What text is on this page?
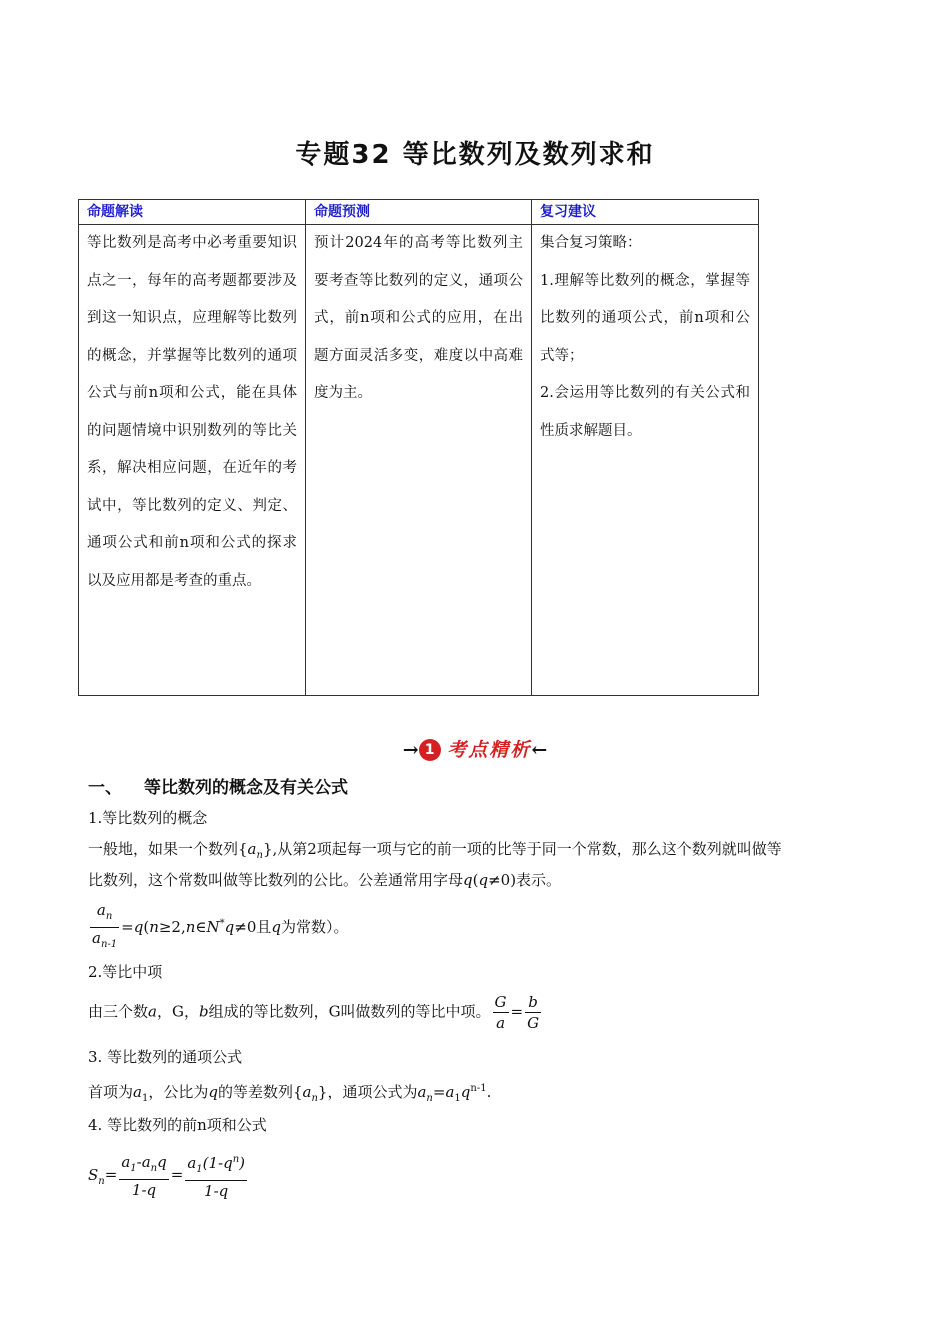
专题32 等比数列及数列求和
命题解读	命题预测	复习建议
等比数列是高考中必考重要知识点之一，每年的高考题都要涉及到这一知识点，应理解等比数列的概念，并掌握等比数列的通项公式与前n项和公式，能在具体的问题情境中识别数列的等比关系，解决相应问题，在近年的考试中，等比数列的定义、判定、通项公式和前n项和公式的探求以及应用都是考查的重点。	预计2024年的高考等比数列主要考查等比数列的定义，通项公式，前n项和公式的应用，在出题方面灵活多变，难度以中高难度为主。	集合复习策略：
1.理解等比数列的概念，掌握等比数列的通项公式，前n项和公式等；
2.会运用等比数列的有关公式和性质求解题目。
→ 1 考点精析←
一、 等比数列的概念及有关公式
1.等比数列的概念
一般地，如果一个数列$\{a_n\}$,从第2项起每一项与它的前一项的比等于同一个常数，那么这个数列就叫做等
比数列，这个常数叫做等比数列的公比。公差通常用字母q(q≠0)表示。
$\frac{a_n}{a_{n-1}}$ =q(n≥2,n∈N*q≠0且q为常数）。
2.等比中项
由三个数a，G，b组成的等比数列，G叫做数列的等比中项。 $\frac{G}{a} = \frac{b}{G}$
3. 等比数列的通项公式
首项为$a_1$，公比为q的等差数列$\{a_n\}$，通项公式为$a_n=a_1q^{n-1}$.
4. 等比数列的前n项和公式
$S_n= \frac{a_1-a_nq}{1-q} = \frac{a_1(1-q^n)}{1-q}$
